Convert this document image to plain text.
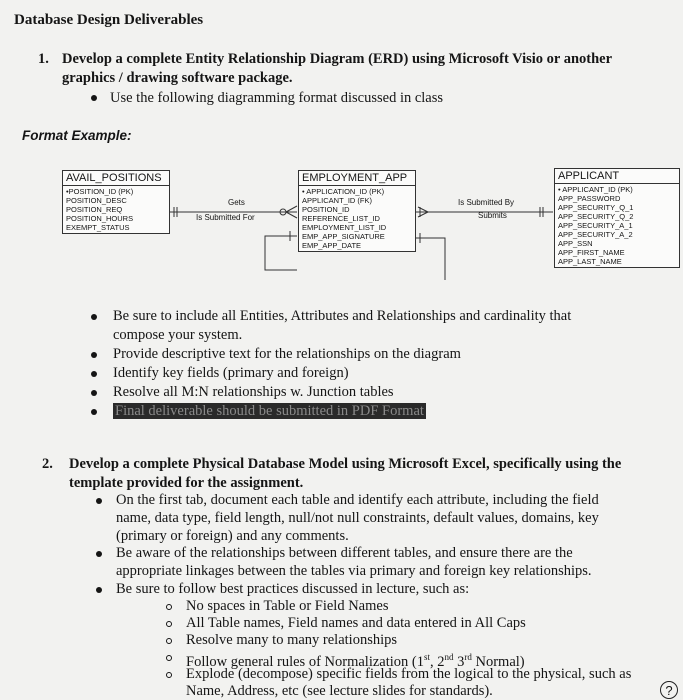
Database Design Deliverables
1. Develop a complete Entity Relationship Diagram (ERD) using Microsoft Visio or another
graphics / drawing software package.
Use the following diagramming format discussed in class
Format Example:
AVAIL_POSITIONS
•POSITION_ID (PK)
POSITION_DESC
POSITION_REQ
POSITION_HOURS
EXEMPT_STATUS
EMPLOYMENT_APP
• APPLICATION_ID (PK)
APPLICANT_ID (FK)
POSITION_ID
REFERENCE_LIST_ID
EMPLOYMENT_LIST_ID
EMP_APP_SIGNATURE
EMP_APP_DATE
APPLICANT
• APPLICANT_ID (PK)
APP_PASSWORD
APP_SECURITY_Q_1
APP_SECURITY_Q_2
APP_SECURITY_A_1
APP_SECURITY_A_2
APP_SSN
APP_FIRST_NAME
APP_LAST_NAME
Gets
Is Submitted For
Is Submitted By
Submits
Be sure to include all Entities, Attributes and Relationships and cardinality that
compose your system.
Provide descriptive text for the relationships on the diagram
Identify key fields (primary and foreign)
Resolve all M:N relationships w. Junction tables
Final deliverable should be submitted in PDF Format
2. Develop a complete Physical Database Model using Microsoft Excel, specifically using the
template provided for the assignment.
On the first tab, document each table and identify each attribute, including the field
name, data type, field length, null/not null constraints, default values, domains, key
(primary or foreign) and any comments.
Be aware of the relationships between different tables, and ensure there are the
appropriate linkages between the tables via primary and foreign key relationships.
Be sure to follow best practices discussed in lecture, such as:
No spaces in Table or Field Names
All Table names, Field names and data entered in All Caps
Resolve many to many relationships
Follow general rules of Normalization (1st, 2nd 3rd Normal)
Explode (decompose) specific fields from the logical to the physical, such as
Name, Address, etc (see lecture slides for standards).	?
